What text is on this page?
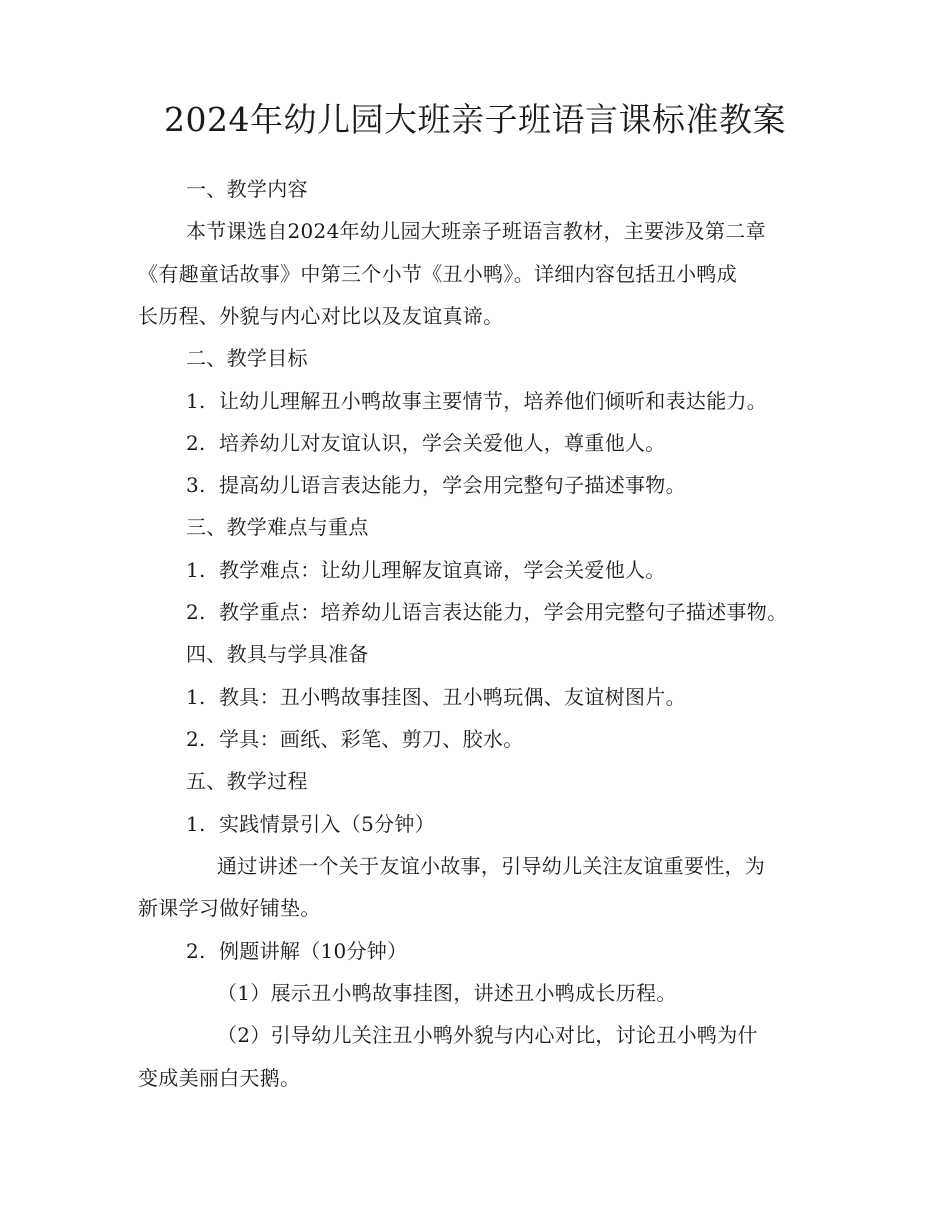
2024年幼儿园大班亲子班语言课标准教案
一、教学内容
本节课选自2024年幼儿园大班亲子班语言教材，主要涉及第二章
《有趣童话故事》中第三个小节《丑小鸭》。详细内容包括丑小鸭成
长历程、外貌与内心对比以及友谊真谛。
二、教学目标
1. 让幼儿理解丑小鸭故事主要情节，培养他们倾听和表达能力。
2. 培养幼儿对友谊认识，学会关爱他人，尊重他人。
3. 提高幼儿语言表达能力，学会用完整句子描述事物。
三、教学难点与重点
1. 教学难点：让幼儿理解友谊真谛，学会关爱他人。
2. 教学重点：培养幼儿语言表达能力，学会用完整句子描述事物。
四、教具与学具准备
1. 教具：丑小鸭故事挂图、丑小鸭玩偶、友谊树图片。
2. 学具：画纸、彩笔、剪刀、胶水。
五、教学过程
1. 实践情景引入（5分钟）
通过讲述一个关于友谊小故事，引导幼儿关注友谊重要性，为
新课学习做好铺垫。
2. 例题讲解（10分钟）
（1）展示丑小鸭故事挂图，讲述丑小鸭成长历程。
（2）引导幼儿关注丑小鸭外貌与内心对比，讨论丑小鸭为什
变成美丽白天鹅。
